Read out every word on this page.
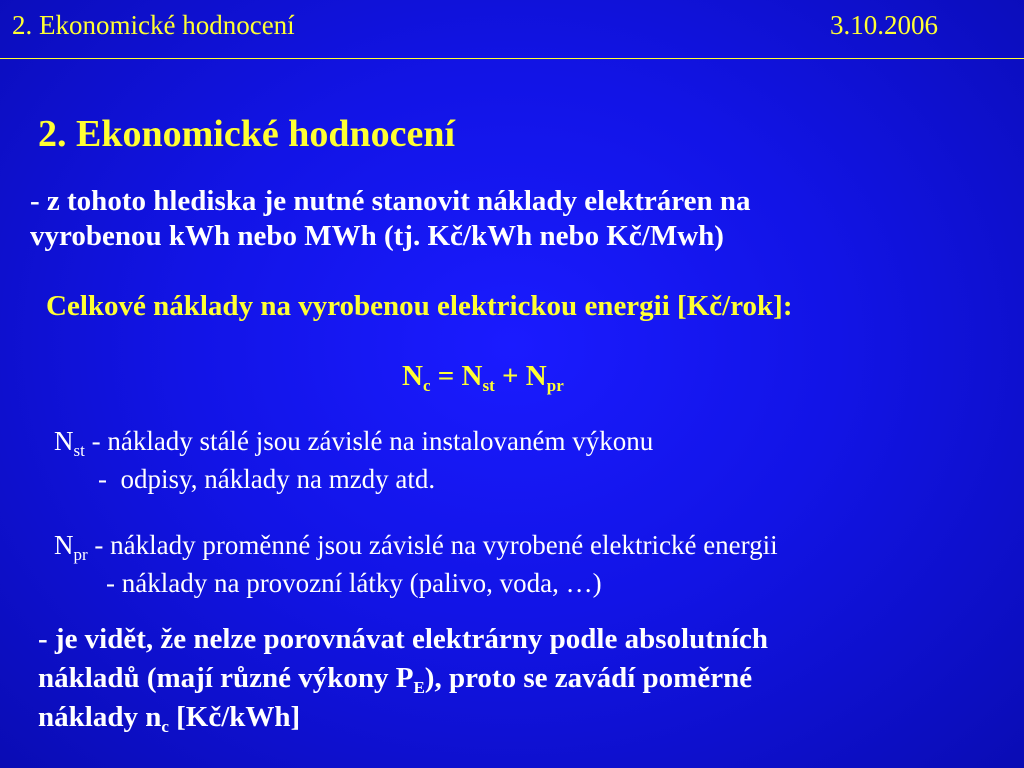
2. Ekonomické hodnocení	3.10.2006
2. Ekonomické hodnocení
- z tohoto hlediska je nutné stanovit náklady elektráren na
vyrobenou kWh nebo MWh (tj. Kč/kWh nebo Kč/Mwh)
Celkové náklady na vyrobenou elektrickou energii [Kč/rok]:
$N_c = N_{st} + N_{pr}$
$N_{st}$ - náklady stálé jsou závislé na instalovaném výkonu
-  odpisy, náklady na mzdy atd.
$N_{pr}$ - náklady proměnné jsou závislé na vyrobené elektrické energii
- náklady na provozní látky (palivo, voda, …)
- je vidět, že nelze porovnávat elektrárny podle absolutních
nákladů (mají různé výkony $P_E$), proto se zavádí poměrné
náklady $n_c$ [Kč/kWh]
